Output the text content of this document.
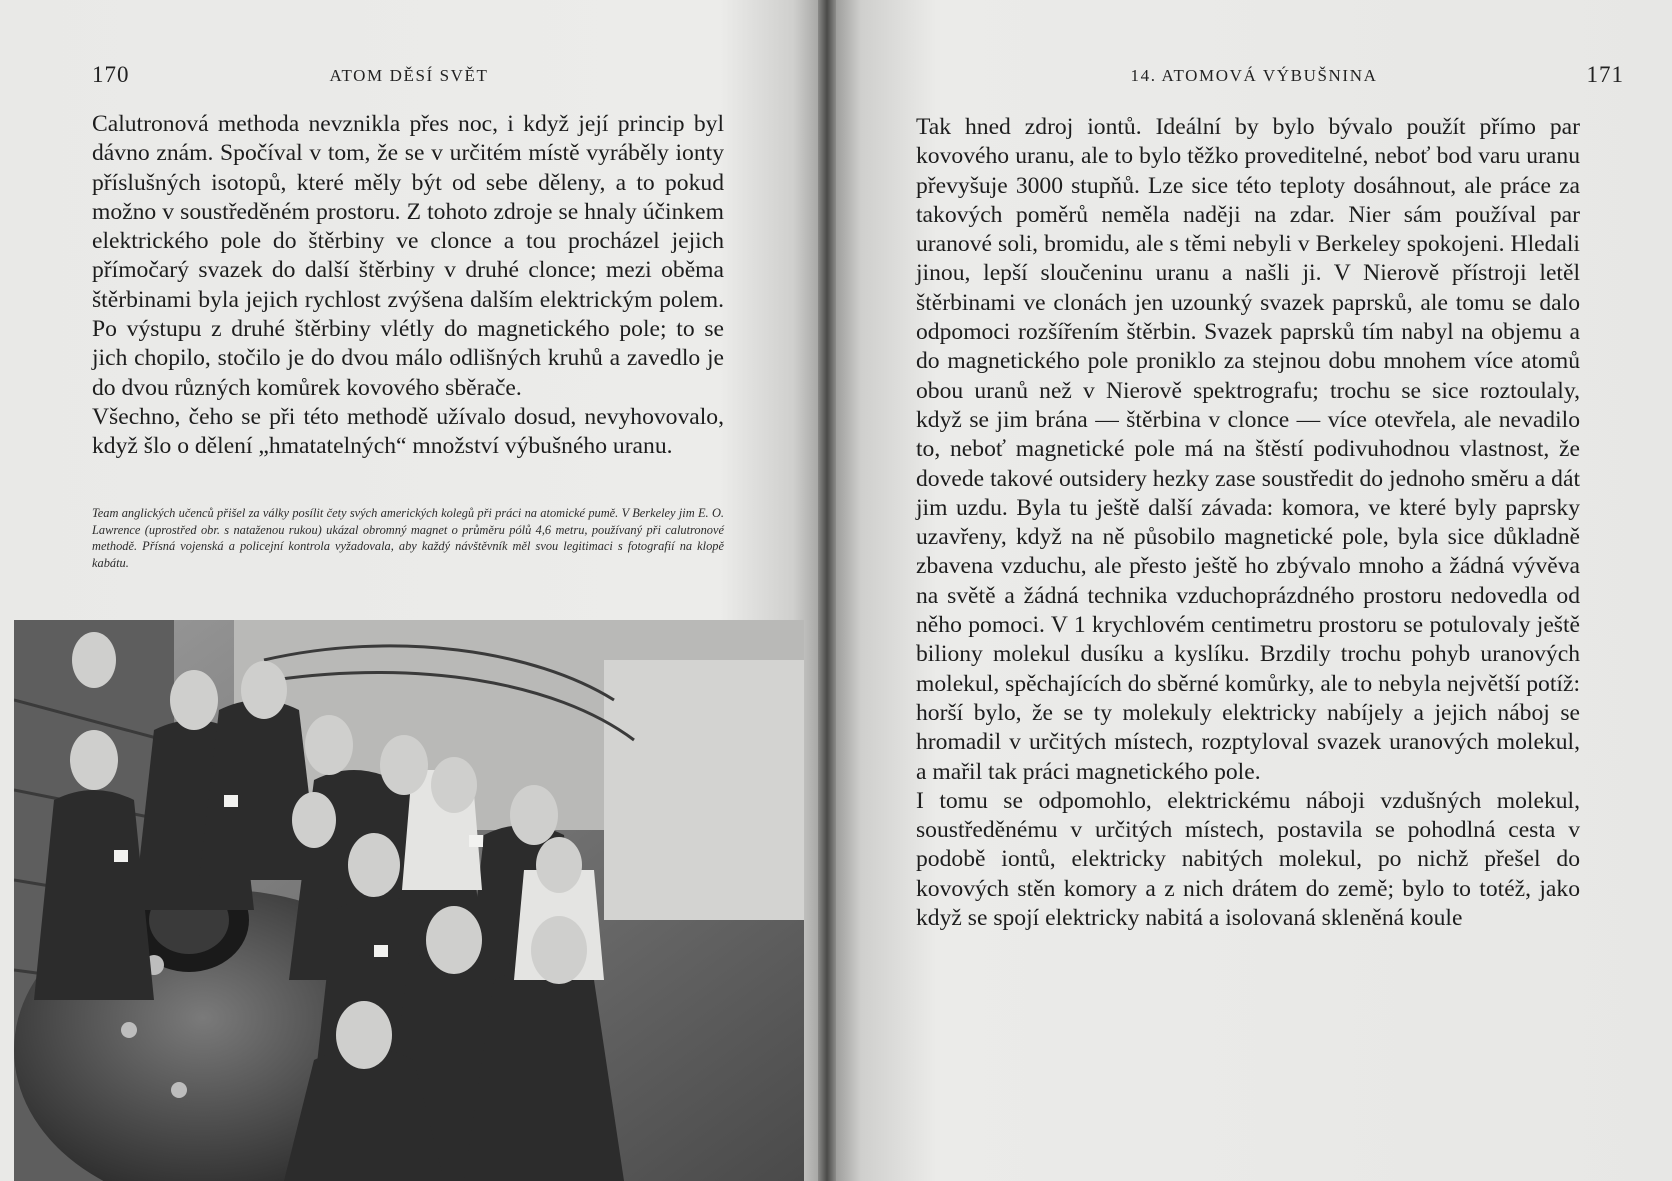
170	ATOM DĚSÍ SVĚT

Calutronová methoda nevznikla přes noc, i když její princip byl dávno znám. Spočíval v tom, že se v určitém místě vyráběly ionty příslušných isotopů, které měly být od sebe děleny, a to pokud možno v soustředěném prostoru. Z tohoto zdroje se hnaly účinkem elektrického pole do štěrbiny ve clonce a tou procházel jejich přímočarý svazek do další štěrbiny v druhé clonce; mezi oběma štěrbinami byla jejich rychlost zvýšena dalším elektrickým polem. Po výstupu z druhé štěrbiny vlétly do magnetického pole; to se jich chopilo, stočilo je do dvou málo odlišných kruhů a zavedlo je do dvou různých komůrek kovového sběrače.

Všechno, čeho se při této methodě užívalo dosud, nevyhovovalo, když šlo o dělení „hmatatelných“ množství výbušného uranu.

Team anglických učenců přišel za války posílit čety svých amerických kolegů při práci na atomické pumě. V Berkeley jim E. O. Lawrence (uprostřed obr. s nataženou rukou) ukázal obromný magnet o průměru pólů 4,6 metru, používaný při calutronové methodě. Přísná vojenská a policejní kontrola vyžadovala, aby každý návštěvník měl svou legitimaci s fotografií na klopě kabátu.
14. ATOMOVÁ VÝBUŠNINA	171

Tak hned zdroj iontů. Ideální by bylo bývalo použít přímo par kovového uranu, ale to bylo těžko proveditelné, neboť bod varu uranu převyšuje 3000 stupňů. Lze sice této teploty dosáhnout, ale práce za takových poměrů neměla naději na zdar. Nier sám používal par uranové soli, bromidu, ale s těmi nebyli v Berkeley spokojeni. Hledali jinou, lepší sloučeninu uranu a našli ji. V Nierově přístroji letěl štěrbinami ve clonách jen uzounký svazek paprsků, ale tomu se dalo odpomoci rozšířením štěrbin. Svazek paprsků tím nabyl na objemu a do magnetického pole proniklo za stejnou dobu mnohem více atomů obou uranů než v Nierově spektrografu; trochu se sice roztoulaly, když se jim brána — štěrbina v clonce — více otevřela, ale nevadilo to, neboť magnetické pole má na štěstí podivuhodnou vlastnost, že dovede takové outsidery hezky zase soustředit do jednoho směru a dát jim uzdu. Byla tu ještě další závada: komora, ve které byly paprsky uzavřeny, když na ně působilo magnetické pole, byla sice důkladně zbavena vzduchu, ale přesto ještě ho zbývalo mnoho a žádná vývěva na světě a žádná technika vzduchoprázdného prostoru nedovedla od něho pomoci. V 1 krychlovém centimetru prostoru se potulovaly ještě biliony molekul dusíku a kyslíku. Brzdily trochu pohyb uranových molekul, spěchajících do sběrné komůrky, ale to nebyla největší potíž: horší bylo, že se ty molekuly elektricky nabíjely a jejich náboj se hromadil v určitých místech, rozptyloval svazek uranových molekul, a mařil tak práci magnetického pole.

I tomu se odpomohlo, elektrickému náboji vzdušných molekul, soustředěnému v určitých místech, postavila se pohodlná cesta v podobě iontů, elektricky nabitých molekul, po nichž přešel do kovových stěn komory a z nich drátem do země; bylo to totéž, jako když se spojí elektricky nabitá a isolovaná skleněná koule
